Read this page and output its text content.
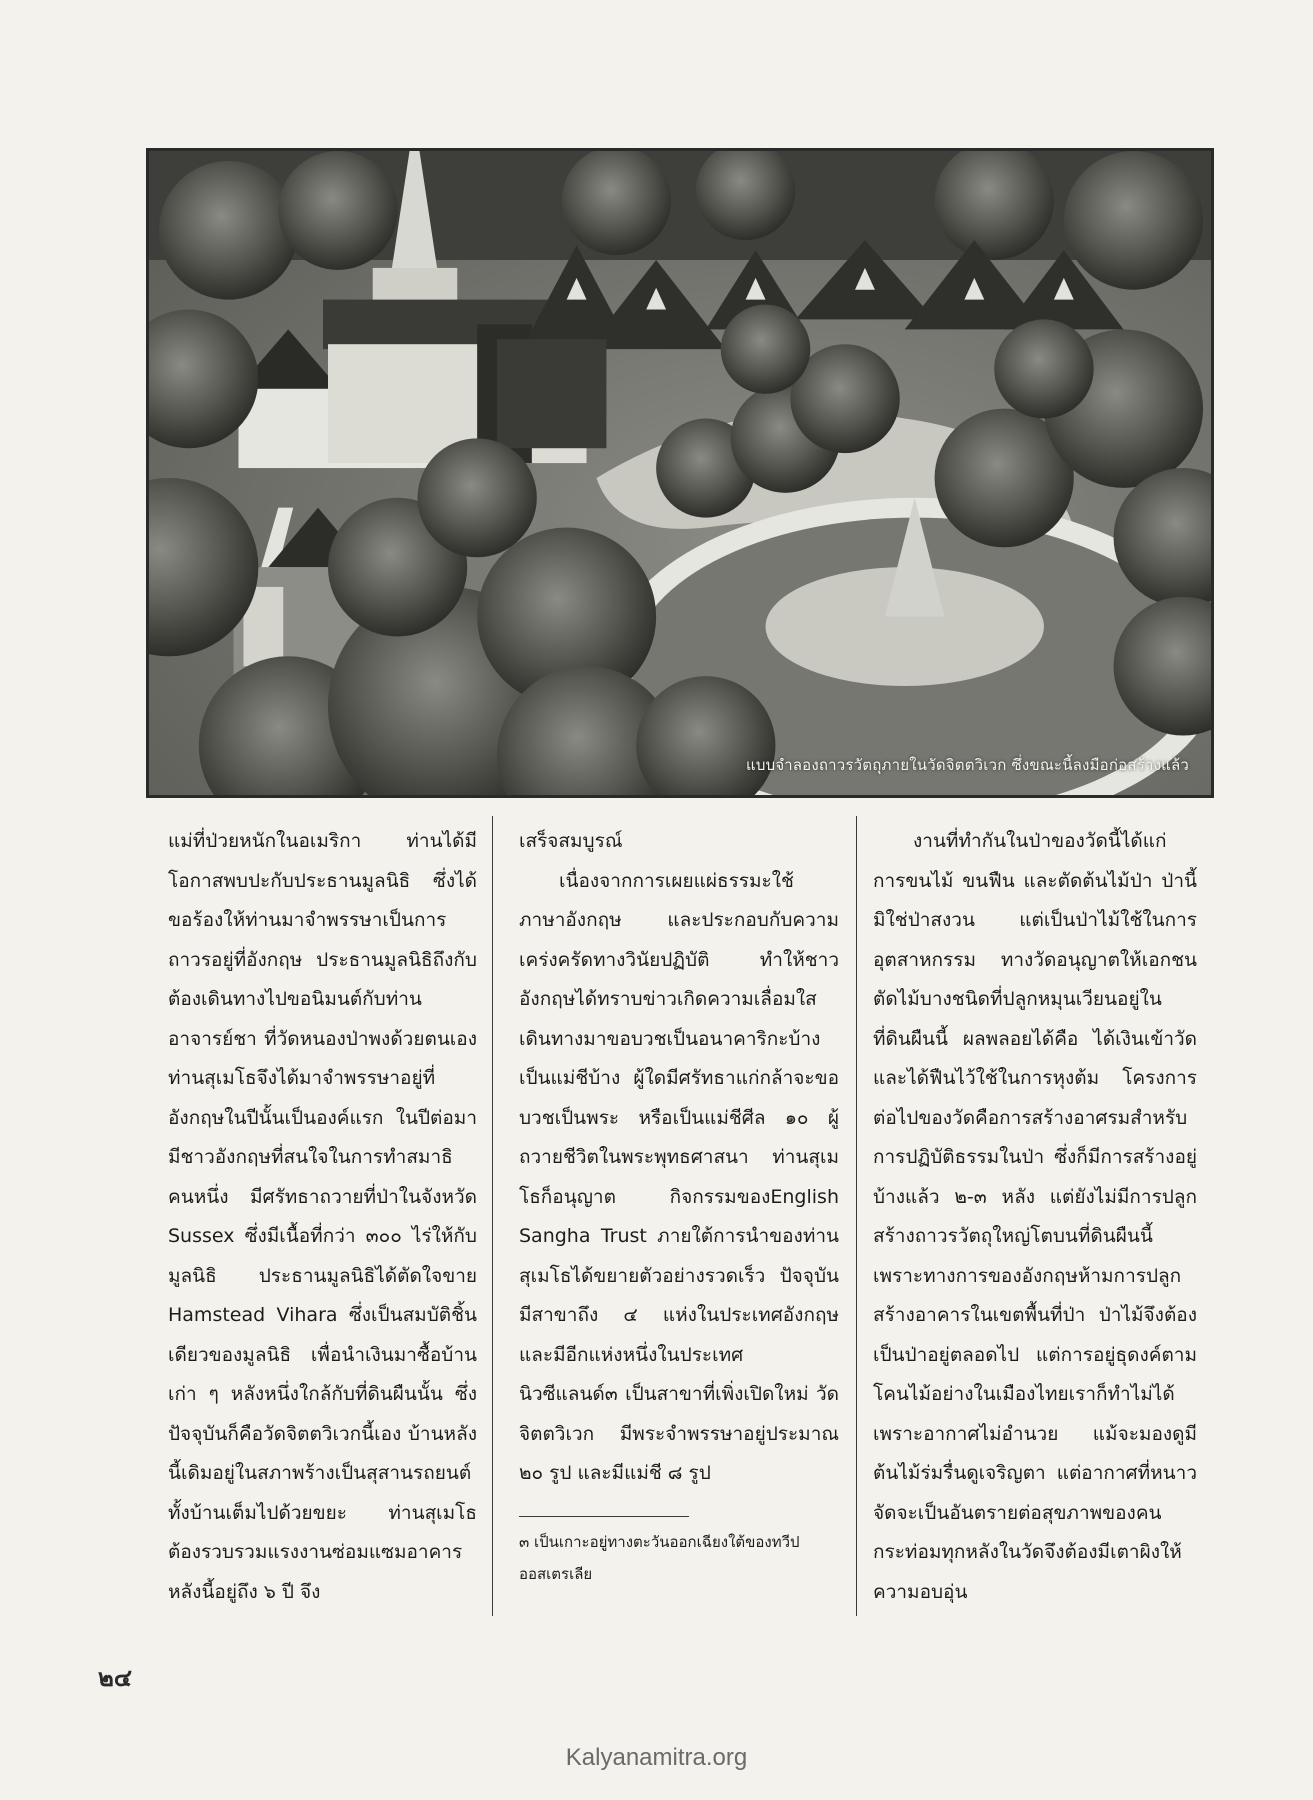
แบบจำลองถาวรวัตถุภายในวัดจิตตวิเวก ซึ่งขณะนี้ลงมือก่อสร้างแล้ว

แม่ที่ป่วยหนักในอเมริกา ท่านได้มีโอกาสพบปะกับประธานมูลนิธิ ซึ่งได้ขอร้องให้ท่านมาจำพรรษาเป็นการถาวรอยู่ที่อังกฤษ ประธานมูลนิธิถึงกับต้องเดินทางไปขอนิมนต์กับท่านอาจารย์ชา ที่วัดหนองป่าพงด้วยตนเอง ท่านสุเมโธจึงได้มาจำพรรษาอยู่ที่อังกฤษในปีนั้นเป็นองค์แรก ในปีต่อมามีชาวอังกฤษที่สนใจในการทำสมาธิคนหนึ่ง มีศรัทธาถวายที่ป่าในจังหวัด Sussex ซึ่งมีเนื้อที่กว่า ๓๐๐ ไร่ให้กับมูลนิธิ ประธานมูลนิธิได้ตัดใจขาย Hamstead Vihara ซึ่งเป็นสมบัติชิ้นเดียวของมูลนิธิ เพื่อนำเงินมาซื้อบ้านเก่า ๆ หลังหนึ่งใกล้กับที่ดินผืนนั้น ซึ่งปัจจุบันก็คือวัดจิตตวิเวกนี้เอง บ้านหลังนี้เดิมอยู่ในสภาพร้างเป็นสุสานรถยนต์ ทั้งบ้านเต็มไปด้วยขยะ ท่านสุเมโธ ต้องรวบรวมแรงงานซ่อมแซมอาคารหลังนี้อยู่ถึง ๖ ปี จึง

เสร็จสมบูรณ์

เนื่องจากการเผยแผ่ธรรมะใช้ภาษาอังกฤษ และประกอบกับความเคร่งครัดทางวินัยปฏิบัติ ทำให้ชาวอังกฤษได้ทราบข่าวเกิดความเลื่อมใสเดินทางมาขอบวชเป็นอนาคาริกะบ้าง เป็นแม่ชีบ้าง ผู้ใดมีศรัทธาแก่กล้าจะขอบวชเป็นพระ หรือเป็นแม่ชีศีล ๑๐ ผู้ถวายชีวิตในพระพุทธศาสนา ท่านสุเมโธก็อนุญาต กิจกรรมของEnglish Sangha Trust ภายใต้การนำของท่านสุเมโธได้ขยายตัวอย่างรวดเร็ว ปัจจุบันมีสาขาถึง ๔ แห่งในประเทศอังกฤษ และมีอีกแห่งหนึ่งในประเทศนิวซีแลนด์๓ เป็นสาขาที่เพิ่งเปิดใหม่ วัดจิตตวิเวก มีพระจำพรรษาอยู่ประมาณ ๒๐ รูป และมีแม่ชี ๘ รูป

๓ เป็นเกาะอยู่ทางตะวันออกเฉียงใต้ของทวีปออสเตรเลีย

งานที่ทำกันในป่าของวัดนี้ได้แก่การขนไม้ ขนฟืน และตัดต้นไม้ป่า ป่านี้มิใช่ป่าสงวน แต่เป็นป่าไม้ใช้ในการอุตสาหกรรม ทางวัดอนุญาตให้เอกชนตัดไม้บางชนิดที่ปลูกหมุนเวียนอยู่ในที่ดินผืนนี้ ผลพลอยได้คือ ได้เงินเข้าวัดและได้ฟืนไว้ใช้ในการหุงต้ม โครงการต่อไปของวัดคือการสร้างอาศรมสำหรับการปฏิบัติธรรมในป่า ซึ่งก็มีการสร้างอยู่บ้างแล้ว ๒-๓ หลัง แต่ยังไม่มีการปลูกสร้างถาวรวัตถุใหญ่โตบนที่ดินผืนนี้ เพราะทางการของอังกฤษห้ามการปลูกสร้างอาคารในเขตพื้นที่ป่า ป่าไม้จึงต้องเป็นป่าอยู่ตลอดไป แต่การอยู่ธุดงค์ตามโคนไม้อย่างในเมืองไทยเราก็ทำไม่ได้ เพราะอากาศไม่อำนวย แม้จะมองดูมีต้นไม้ร่มรื่นดูเจริญตา แต่อากาศที่หนาวจัดจะเป็นอันตรายต่อสุขภาพของคน กระท่อมทุกหลังในวัดจึงต้องมีเตาผิงให้ความอบอุ่น

๒๔
Kalyanamitra.org
